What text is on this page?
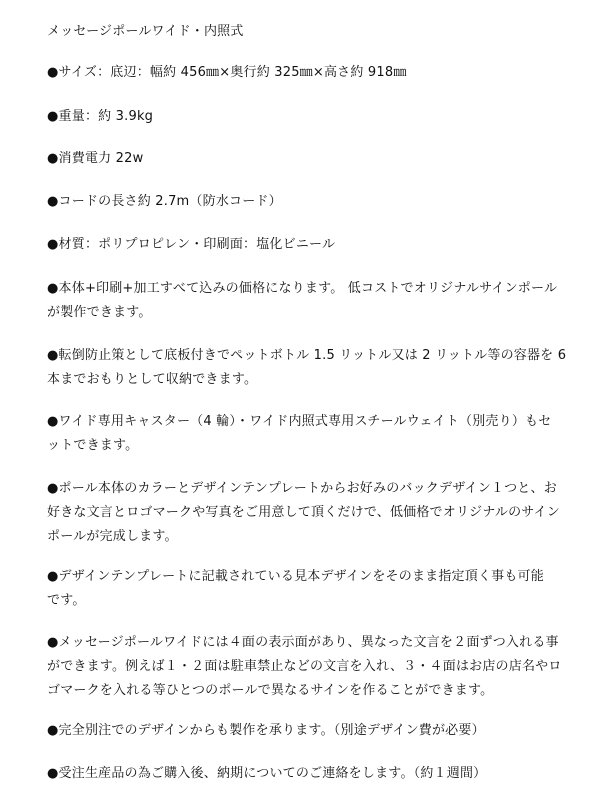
メッセージポールワイド・内照式
●サイズ：底辺：幅約 456㎜×奥行約 325㎜×高さ約 918㎜
●重量：約 3.9kg
●消費電力 22w
●コードの長さ約 2.7m（防水コード）
●材質：ポリプロピレン・印刷面：塩化ビニール
●本体+印刷+加工すべて込みの価格になります。 低コストでオリジナルサインポール
が製作できます。
●転倒防止策として底板付きでペットボトル 1.5 リットル又は 2 リットル等の容器を 6
本までおもりとして収納できます。
●ワイド専用キャスター（4 輪）・ワイド内照式専用スチールウェイト（別売り）もセ
ットできます。
●ポール本体のカラーとデザインテンプレートからお好みのバックデザイン１つと、お
好きな文言とロゴマークや写真をご用意して頂くだけで、低価格でオリジナルのサイン
ポールが完成します。
●デザインテンプレートに記載されている見本デザインをそのまま指定頂く事も可能
です。
●メッセージポールワイドには４面の表示面があり、異なった文言を２面ずつ入れる事
ができます。例えば１・２面は駐車禁止などの文言を入れ、３・４面はお店の店名やロ
ゴマークを入れる等ひとつのポールで異なるサインを作ることができます。
●完全別注でのデザインからも製作を承ります。（別途デザイン費が必要）
●受注生産品の為ご購入後、納期についてのご連絡をします。（約１週間）
